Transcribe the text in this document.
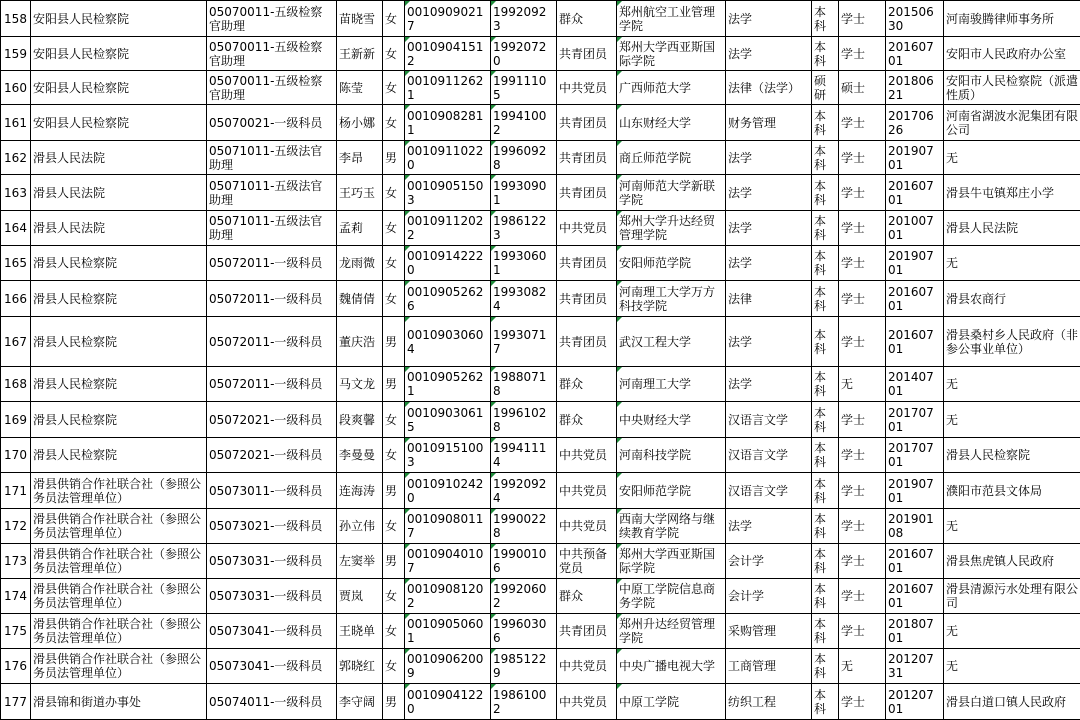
158	安阳县人民检察院	05070011-五级检察官助理	苗晓雪	女	00109090217	19920923	群众	郑州航空工业管理学院	法学	本科	学士	20150630	河南骏腾律师事务所
159	安阳县人民检察院	05070011-五级检察官助理	王新新	女	00109041512	19920720	共青团员	郑州大学西亚斯国际学院	法学	本科	学士	20160701	安阳市人民政府办公室
160	安阳县人民检察院	05070011-五级检察官助理	陈莹	女	00109112621	19911105	中共党员	广西师范大学	法律（法学）	硕研	硕士	20180621	安阳市人民检察院（派遣性质）
161	安阳县人民检察院	05070021-一级科员	杨小娜	女	00109082811	19941002	共青团员	山东财经大学	财务管理	本科	学士	20170626	河南省湖波水泥集团有限公司
162	滑县人民法院	05071011-五级法官助理	李昂	男	00109110220	19960928	共青团员	商丘师范学院	法学	本科	学士	20190701	无
163	滑县人民法院	05071011-五级法官助理	王巧玉	女	00109051503	19930901	共青团员	河南师范大学新联学院	法学	本科	学士	20160701	滑县牛屯镇郑庄小学
164	滑县人民法院	05071011-五级法官助理	孟莉	女	00109112022	19861223	中共党员	郑州大学升达经贸管理学院	法学	本科	学士	20100701	滑县人民法院
165	滑县人民检察院	05072011-一级科员	龙雨微	女	00109142220	19930601	共青团员	安阳师范学院	法学	本科	学士	20190701	无
166	滑县人民检察院	05072011-一级科员	魏倩倩	女	00109052626	19930824	共青团员	河南理工大学万方科技学院	法律	本科	学士	20160701	滑县农商行
167	滑县人民检察院	05072011-一级科员	董庆浩	男	00109030604	19930717	共青团员	武汉工程大学	法学	本科	学士	20160701	滑县桑村乡人民政府（非参公事业单位）
168	滑县人民检察院	05072011-一级科员	马文龙	男	00109052621	19880718	群众	河南理工大学	法学	本科	无	20140701	无
169	滑县人民检察院	05072021-一级科员	段爽馨	女	00109030615	19961028	群众	中央财经大学	汉语言文学	本科	学士	20170701	无
170	滑县人民检察院	05072021-一级科员	李曼曼	女	00109151003	19941114	中共党员	河南科技学院	汉语言文学	本科	学士	20170701	滑县人民检察院
171	滑县供销合作社联合社（参照公务员法管理单位）	05073011-一级科员	连海涛	男	00109102420	19920924	中共党员	安阳师范学院	汉语言文学	本科	学士	20190701	濮阳市范县文体局
172	滑县供销合作社联合社（参照公务员法管理单位）	05073021-一级科员	孙立伟	女	00109080117	19900228	中共党员	西南大学网络与继续教育学院	法学	本科	学士	20190108	无
173	滑县供销合作社联合社（参照公务员法管理单位）	05073031-一级科员	左窦举	男	00109040107	19900106	中共预备党员	郑州大学西亚斯国际学院	会计学	本科	学士	20160701	滑县焦虎镇人民政府
174	滑县供销合作社联合社（参照公务员法管理单位）	05073031-一级科员	贾岚	女	00109081202	19920602	群众	中原工学院信息商务学院	会计学	本科	学士	20160701	滑县清源污水处理有限公司
175	滑县供销合作社联合社（参照公务员法管理单位）	05073041-一级科员	王晓单	女	00109050601	19960306	共青团员	郑州升达经贸管理学院	采购管理	本科	学士	20180701	无
176	滑县供销合作社联合社（参照公务员法管理单位）	05073041-一级科员	郭晓红	女	00109062009	19851229	中共党员	中央广播电视大学	工商管理	本科	无	20120731	无
177	滑县锦和街道办事处	05074011-一级科员	李守阔	男	00109041220	19861002	中共党员	中原工学院	纺织工程	本科	学士	20120701	滑县白道口镇人民政府
